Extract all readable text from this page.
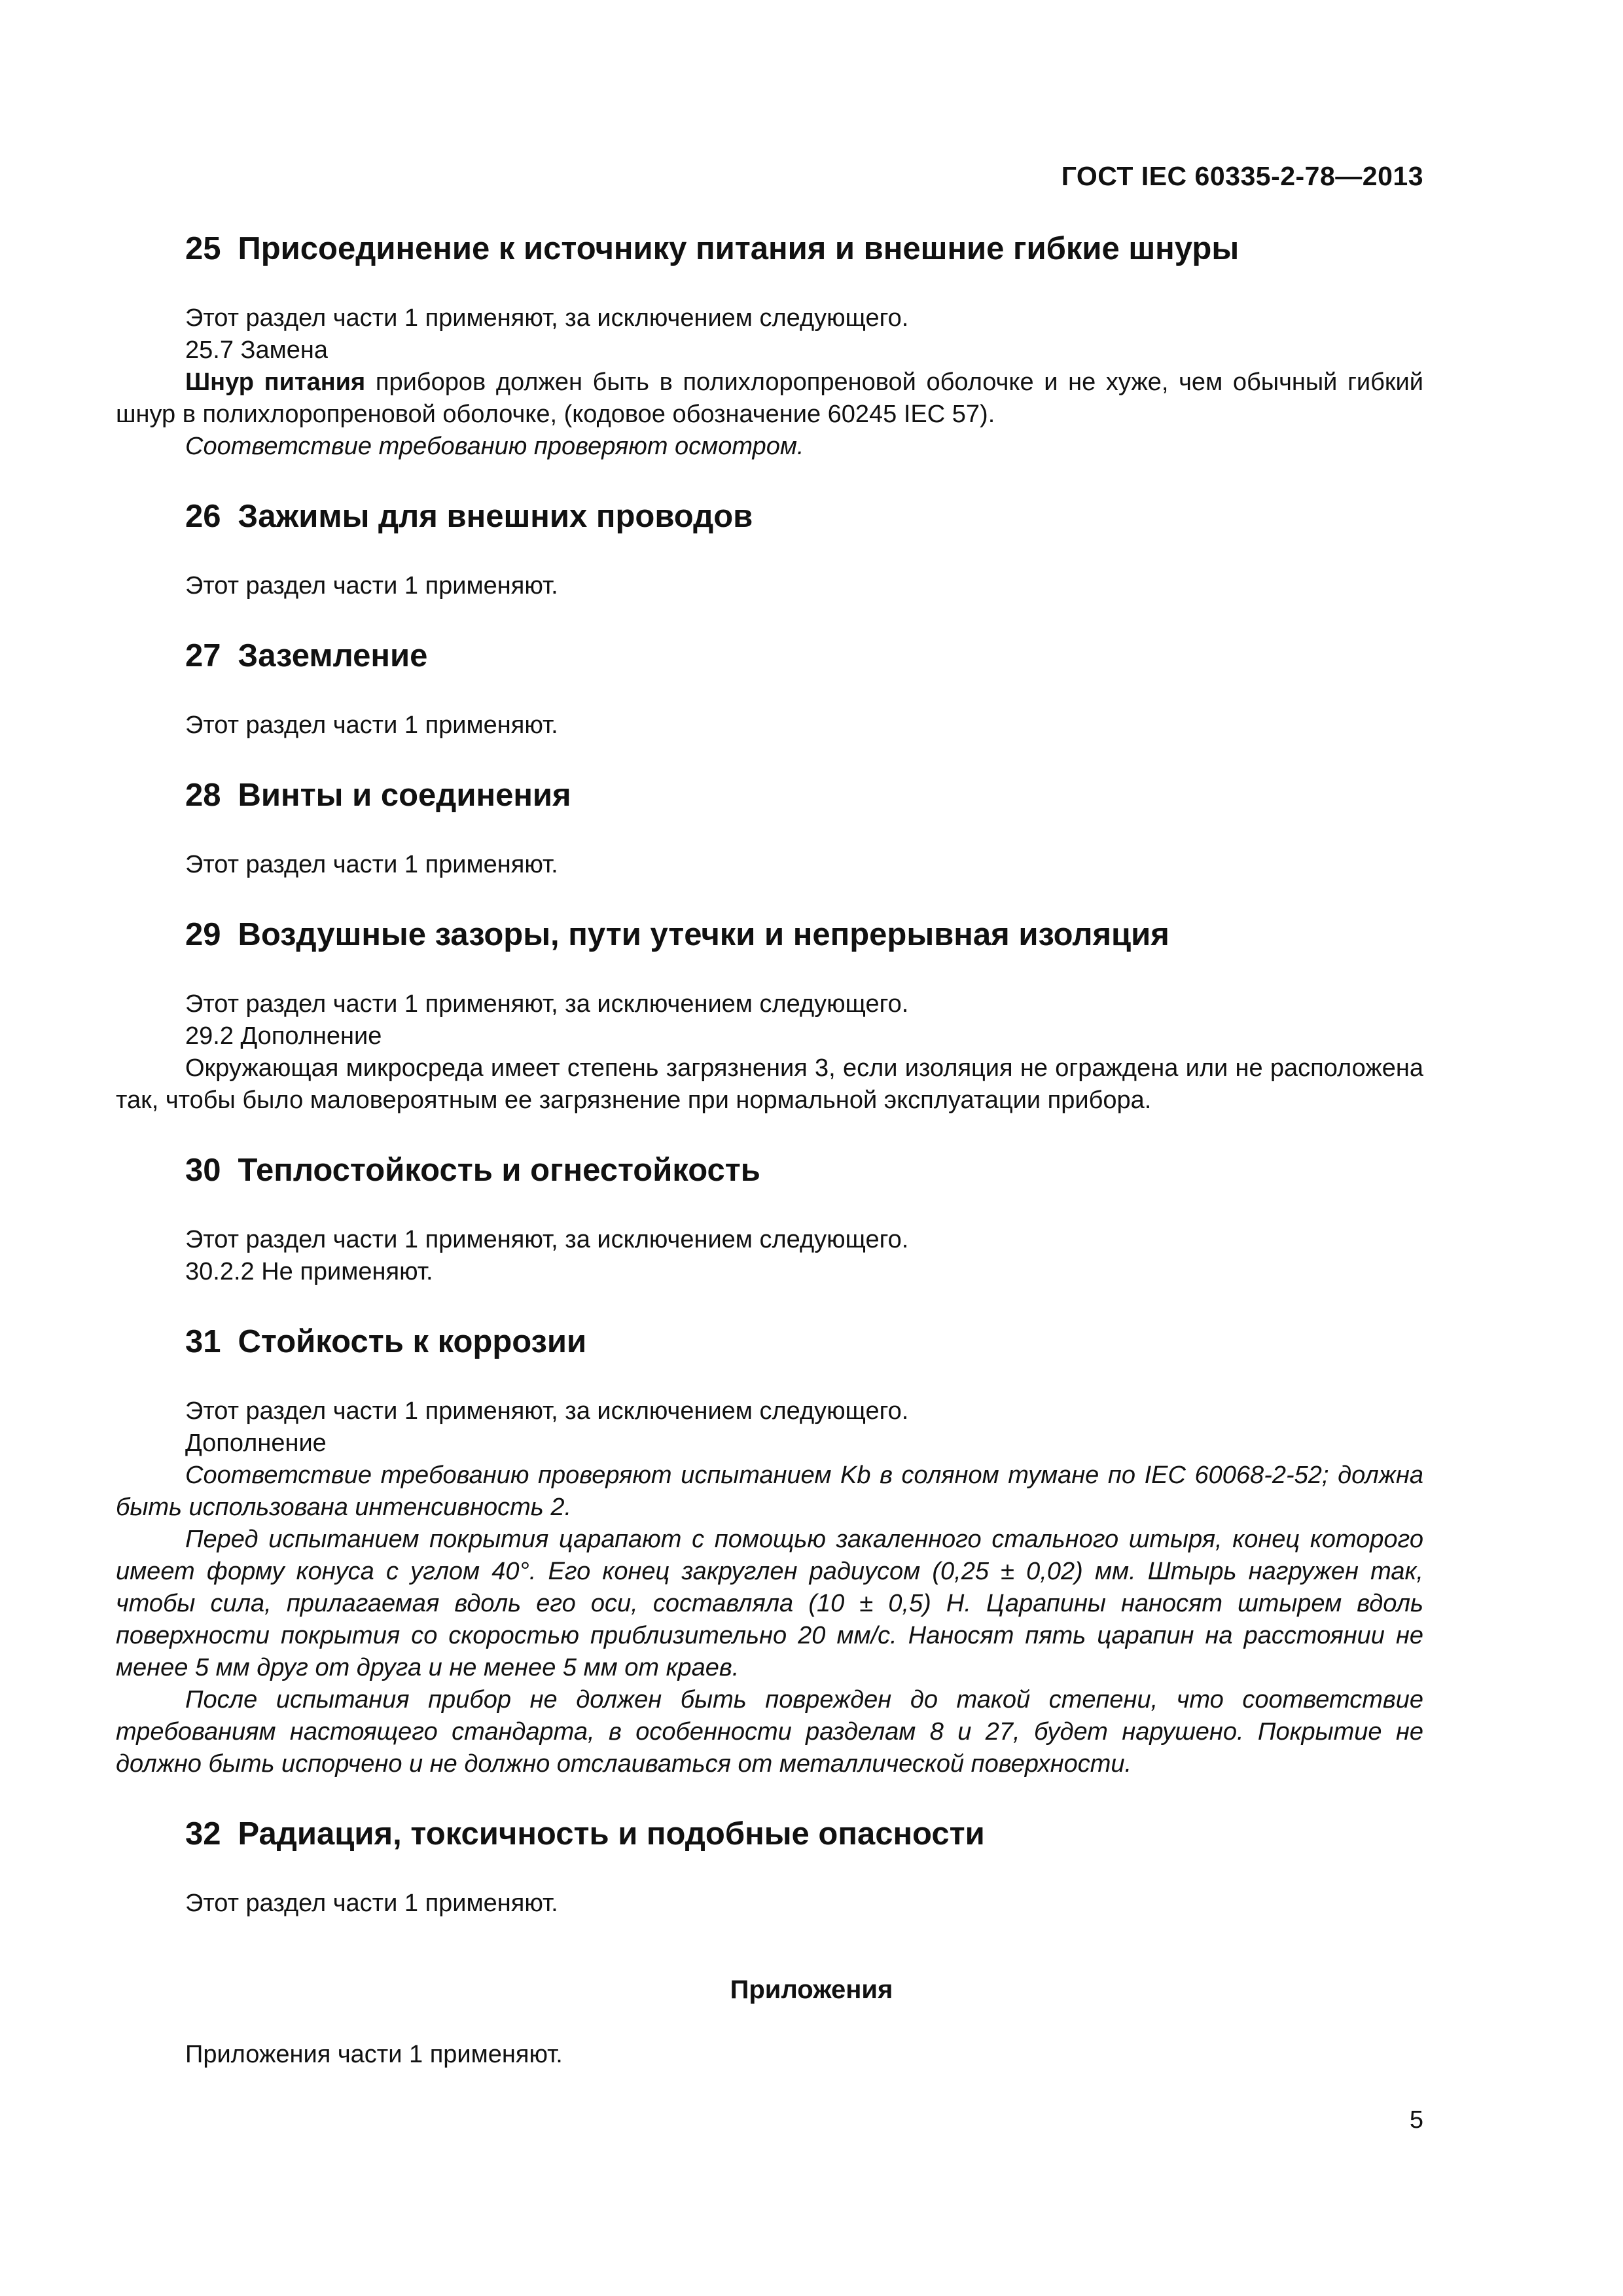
ГОСТ IEC 60335-2-78—2013
25 Присоединение к источнику питания и внешние гибкие шнуры

Этот раздел части 1 применяют, за исключением следующего.

25.7 Замена

Шнур питания приборов должен быть в полихлоропреновой оболочке и не хуже, чем обычный гибкий шнур в полихлоропреновой оболочке, (кодовое обозначение 60245 IEC 57).

Соответствие требованию проверяют осмотром.

26 Зажимы для внешних проводов

Этот раздел части 1 применяют.

27 Заземление

Этот раздел части 1 применяют.

28 Винты и соединения

Этот раздел части 1 применяют.

29 Воздушные зазоры, пути утечки и непрерывная изоляция

Этот раздел части 1 применяют, за исключением следующего.

29.2 Дополнение

Окружающая микросреда имеет степень загрязнения 3, если изоляция не ограждена или не расположена так, чтобы было маловероятным ее загрязнение при нормальной эксплуатации прибора.

30 Теплостойкость и огнестойкость

Этот раздел части 1 применяют, за исключением следующего.

30.2.2 Не применяют.

31 Стойкость к коррозии

Этот раздел части 1 применяют, за исключением следующего.

Дополнение

Соответствие требованию проверяют испытанием Kb в соляном тумане по IEC 60068-2-52; должна быть использована интенсивность 2.

Перед испытанием покрытия царапают с помощью закаленного стального штыря, конец которого имеет форму конуса с углом 40°. Его конец закруглен радиусом (0,25 ± 0,02) мм. Штырь нагружен так, чтобы сила, прилагаемая вдоль его оси, составляла (10 ± 0,5) Н. Царапины наносят штырем вдоль поверхности покрытия со скоростью приблизительно 20 мм/с. Наносят пять царапин на расстоянии не менее 5 мм друг от друга и не менее 5 мм от краев.

После испытания прибор не должен быть поврежден до такой степени, что соответствие требованиям настоящего стандарта, в особенности разделам 8 и 27, будет нарушено. Покрытие не должно быть испорчено и не должно отслаиваться от металлической поверхности.

32 Радиация, токсичность и подобные опасности

Этот раздел части 1 применяют.

Приложения
Приложения части 1 применяют.
5
